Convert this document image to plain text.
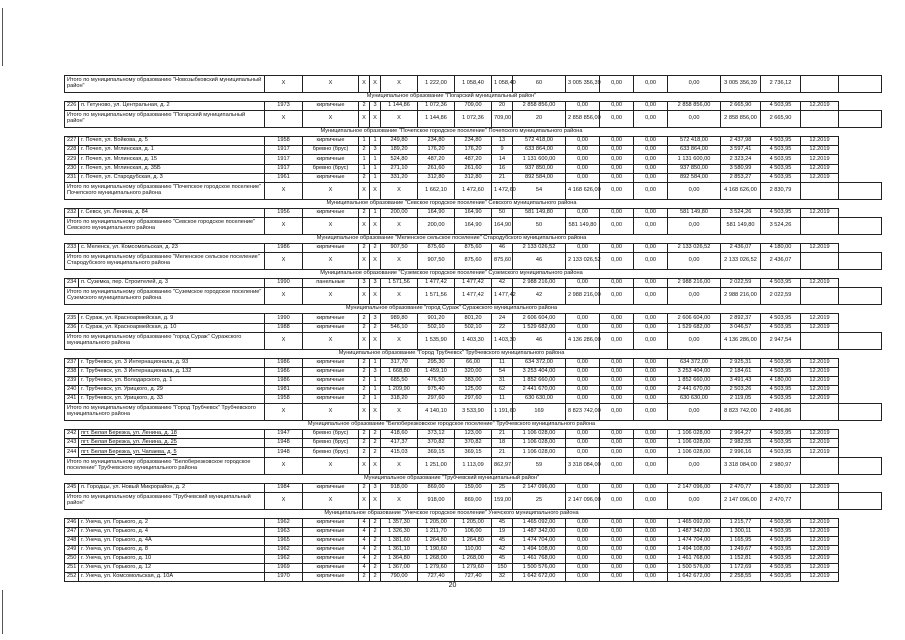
Итого по муниципальному образованию "Новозыбковский муниципальный район"		X	X	X	X	X	1 222,00	1 058,40	1 058,40	60	3 005 356,39	0,00	0,00	0,00	3 005 356,39	2 736,12		
Муниципальное образование "Погарский муниципальный район"																		
226	п. Гетуново, ул. Центральная, д. 2	1973	кирпичные	2	3	1 144,86	1 072,36	709,00	20	2 858 856,00	0,00	0,00	0,00	2 858 856,00	2 665,90	4 503,95	12.2019	
Итого по муниципальному образованию "Погарский муниципальный район"		X	X	X	X	X	1 144,86	1 072,36	709,00	20	2 858 856,00	0,00	0,00	0,00	2 858 856,00	2 665,90		
Муниципальное образование "Почепское городское поселение" Почепского муниципального района																		
227	г. Почеп, ул. Войкова, д. 5	1958	кирпичные	1	1	249,80	234,80	234,80	13	572 418,00	0,00	0,00	0,00	572 418,00	2 437,98	4 503,95	12.2019	
228	г. Почеп, ул. Мглинская, д. 1	1917	бревно (брус)	2	3	189,20	176,20	176,20	9	633 864,00	0,00	0,00	0,00	633 864,00	3 597,41	4 503,95	12.2019	
229	г. Почеп, ул. Мглинская, д. 15	1917	кирпичные	1	1	524,80	487,20	487,20	14	1 131 600,00	0,00	0,00	0,00	1 131 600,00	2 323,24	4 503,95	12.2019	
230	г. Почеп, ул. Мглинская, д. 35Б	1917	бревно (брус)	1	1	271,10	261,60	261,60	16	937 850,00	0,00	0,00	0,00	937 850,00	3 580,99	4 503,95	12.2019	
231	г. Почеп, ул. Стародубская, д. 3	1961	кирпичные	2	1	331,20	312,80	312,80	21	892 584,00	0,00	0,00	0,00	892 584,00	2 853,27	4 503,95	12.2019	
Итого по муниципальному образованию "Почепское городское поселение" Почепского муниципального района		X	X	X	X	X	1 662,10	1 472,60	1 472,60	54	4 168 626,00	0,00	0,00	0,00	4 168 626,00	2 830,79		
Муниципальное образование "Севское городское поселение" Севского муниципального района																		
232	г. Севск, ул. Ленина, д. 84	1956	кирпичные	2	1	200,00	164,90	164,90	50	581 149,80	0,00	0,00	0,00	581 149,80	3 524,26	4 503,95	12.2019	
Итого по муниципальному образованию "Севское городское поселение" Севского муниципального района		X	X	X	X	X	200,00	164,90	164,90	50	581 149,80	0,00	0,00	0,00	581 149,80	3 524,26		
Муниципальное образование "Меленское сельское поселение" Стародубского муниципального района																		
233	с. Меленск, ул. Комсомольская, д. 23	1986	кирпичные	2	2	907,50	875,60	875,60	46	2 133 026,52	0,00	0,00	0,00	2 133 026,52	2 436,07	4 180,00	12.2019	
Итого по муниципальному образованию "Меленское сельское поселение" Стародубского муниципального района		X	X	X	X	X	907,50	875,60	875,60	46	2 133 026,52	0,00	0,00	0,00	2 133 026,52	2 436,07		
Муниципальное образование "Суземское городское поселение" Суземского муниципального района																		
234	п. Суземка, пер. Строителей, д. 3	1990	панельные	3	3	1 571,56	1 477,42	1 477,42	42	2 988 216,00	0,00	0,00	0,00	2 988 216,00	2 022,59	4 503,95	12.2019	
Итого по муниципальному образованию "Суземское городское поселение" Суземского муниципального района		X	X	X	X	X	1 571,56	1 477,42	1 477,42	42	2 988 216,00	0,00	0,00	0,00	2 988 216,00	2 022,59		
Муниципальное образование "город Сураж" Суражского муниципального района																		
235	г. Сураж, ул. Красноармейская, д. 9	1990	кирпичные	2	3	989,80	901,20	801,20	24	2 606 604,00	0,00	0,00	0,00	2 606 604,00	2 892,37	4 503,95	12.2019	
236	г. Сураж, ул. Красноармейская, д. 10	1988	кирпичные	2	2	546,10	502,10	502,10	22	1 529 682,00	0,00	0,00	0,00	1 529 682,00	3 046,57	4 503,95	12.2019	
Итого по муниципальному образованию "город Сураж" Суражского муниципального района		X	X	X	X	X	1 535,90	1 403,30	1 403,30	46	4 136 286,00	0,00	0,00	0,00	4 136 286,00	2 947,54		
Муниципальное образование "Город Трубчевск" Трубчевского муниципального района																		
237	г. Трубчевск, ул. 3 Интернационала, д. 93	1986	кирпичные	2	1	317,70	295,30	66,00	11	634 372,00	0,00	0,00	0,00	634 372,00	2 925,31	4 503,95	12.2019	
238	г. Трубчевск, ул. 3 Интернационала, д. 132	1986	кирпичные	2	3	1 668,80	1 459,10	320,00	54	3 253 404,00	0,00	0,00	0,00	3 253 404,00	2 184,61	4 503,95	12.2019	
239	г. Трубчевск, ул. Володарского, д. 1	1986	кирпичные	2	1	685,50	476,50	383,00	31	1 852 660,00	0,00	0,00	0,00	1 852 660,00	3 491,43	4 180,00	12.2019	
240	г. Трубчевск, ул. Урицкого, д. 29	1981	кирпичные	2	1	1 209,90	975,40	125,00	62	2 441 670,00	0,00	0,00	0,00	2 441 670,00	2 503,26	4 503,95	12.2019	
241	г. Трубчевск, ул. Урицкого, д. 33	1958	кирпичные	2	1	318,20	297,60	297,60	11	630 630,00	0,00	0,00	0,00	630 630,00	2 119,05	4 503,95	12.2019	
Итого по муниципальному образованию "Город Трубчевск" Трубчевского муниципального района		X	X	X	X	X	4 140,10	3 533,90	1 191,60	169	8 823 742,00	0,00	0,00	0,00	8 823 742,00	2 496,86		
Муниципальное образование "Белоберезковское городское поселение" Трубчевского муниципального района																		
242	пгт. Белая Березка, ул. Ленина, д. 18	1947	бревно (брус)	2	2	418,60	373,12	123,00	21	1 106 028,00	0,00	0,00	0,00	1 106 028,00	2 964,27	4 503,95	12.2019	
243	пгт. Белая Березка, ул. Ленина, д. 25	1948	бревно (брус)	2	2	417,37	370,82	370,82	18	1 106 028,00	0,00	0,00	0,00	1 106 028,00	2 982,55	4 503,95	12.2019	
244	пгт. Белая Березка, ул. Чапаева, д. 5	1948	бревно (брус)	2	2	415,03	369,15	369,15	21	1 106 028,00	0,00	0,00	0,00	1 106 028,00	2 996,16	4 503,95	12.2019	
Итого по муниципальному образованию "Белоберезковское городское поселение" Трубчевского муниципального района		X	X	X	X	X	1 251,00	1 113,09	862,97	59	3 318 084,00	0,00	0,00	0,00	3 318 084,00	2 980,97		
Муниципальное образование "Трубчевский муниципальный район"																		
245	п. Городцы, ул. Новый Микрорайон, д. 2	1984	кирпичные	2	3	918,00	869,00	159,00	25	2 147 096,00	0,00	0,00	0,00	2 147 096,00	2 470,77	4 180,00	12.2019	
Итого по муниципальному образованию "Трубчевский муниципальный район"		X	X	X	X	X	918,00	869,00	159,00	25	2 147 096,00	0,00	0,00	0,00	2 147 096,00	2 470,77		
Муниципальное образование "Унечское городское поселение" Унечского муниципального района																		
246	г. Унеча, ул. Горького, д. 2	1962	кирпичные	4	2	1 357,30	1 205,00	1 205,00	45	1 465 092,00	0,00	0,00	0,00	1 465 092,00	1 215,77	4 503,95	12.2019	
247	г. Унеча, ул. Горького, д. 4	1963	кирпичные	4	2	1 326,30	1 211,70	106,00	19	1 487 342,00	0,00	0,00	0,00	1 487 342,00	1 300,11	4 503,95	12.2019	
248	г. Унеча, ул. Горького, д. 4А	1965	кирпичные	4	2	1 381,60	1 264,80	1 264,80	45	1 474 704,00	0,00	0,00	0,00	1 474 704,00	1 165,95	4 503,95	12.2019	
249	г. Унеча, ул. Горького, д. 8	1962	кирпичные	4	2	1 361,10	1 190,60	110,00	42	1 494 108,00	0,00	0,00	0,00	1 494 108,00	1 249,67	4 503,95	12.2019	
250	г. Унеча, ул. Горького, д. 10	1962	кирпичные	4	2	1 364,80	1 268,00	1 268,00	45	1 461 768,00	0,00	0,00	0,00	1 461 768,00	1 152,81	4 503,95	12.2019	
251	г. Унеча, ул. Горького, д. 12	1969	кирпичные	4	2	1 367,00	1 279,60	1 279,60	150	1 500 576,00	0,00	0,00	0,00	1 500 576,00	1 172,69	4 503,95	12.2019	
252	г. Унеча, ул. Комсомольская, д. 10А	1970	кирпичные	2	2	790,00	727,40	727,40	32	1 642 672,00	0,00	0,00	0,00	1 642 672,00	2 258,55	4 503,95	12.2019	
20
